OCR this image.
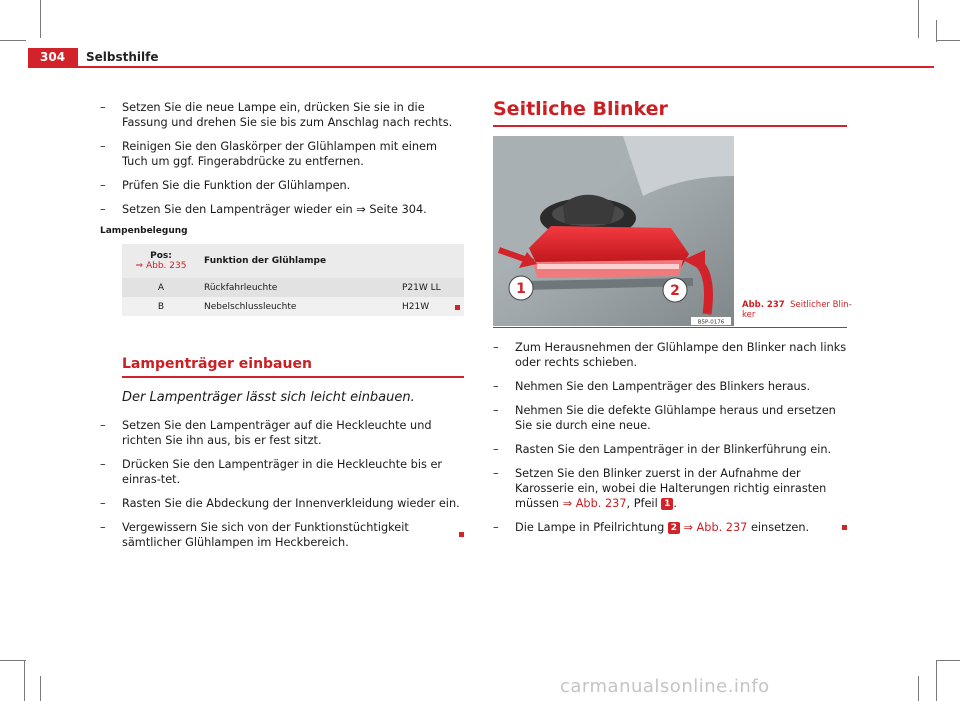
304	Selbsthilfe
– Setzen Sie die neue Lampe ein, drücken Sie sie in die Fassung und drehen Sie sie bis zum Anschlag nach rechts.
– Reinigen Sie den Glaskörper der Glühlampen mit einem Tuch um ggf. Fingerabdrücke zu entfernen.
– Prüfen Sie die Funktion der Glühlampen.
– Setzen Sie den Lampenträger wieder ein ⇒ Seite 304.
Lampenbelegung
Pos:
⇒ Abb. 235	Funktion der Glühlampe	
A	Rückfahrleuchte	P21W LL
B	Nebelschlussleuchte	H21W
Lampenträger einbauen
Der Lampenträger lässt sich leicht einbauen.
– Setzen Sie den Lampenträger auf die Heckleuchte und richten Sie ihn aus, bis er fest sitzt.
– Drücken Sie den Lampenträger in die Heckleuchte bis er einras-tet.
– Rasten Sie die Abdeckung der Innenverkleidung wieder ein.
– Vergewissern Sie sich von der Funktionstüchtigkeit sämtlicher Glühlampen im Heckbereich.
Seitliche Blinker
1	2
B5P-0176
Abb. 237 Seitlicher Blin-ker
– Zum Herausnehmen der Glühlampe den Blinker nach links oder rechts schieben.
– Nehmen Sie den Lampenträger des Blinkers heraus.
– Nehmen Sie die defekte Glühlampe heraus und ersetzen Sie sie durch eine neue.
– Rasten Sie den Lampenträger in der Blinkerführung ein.
– Setzen Sie den Blinker zuerst in der Aufnahme der Karosserie ein, wobei die Halterungen richtig einrasten müssen ⇒ Abb. 237, Pfeil 1 .
– Die Lampe in Pfeilrichtung 2 ⇒ Abb. 237 einsetzen.
carmanualsonline.info
